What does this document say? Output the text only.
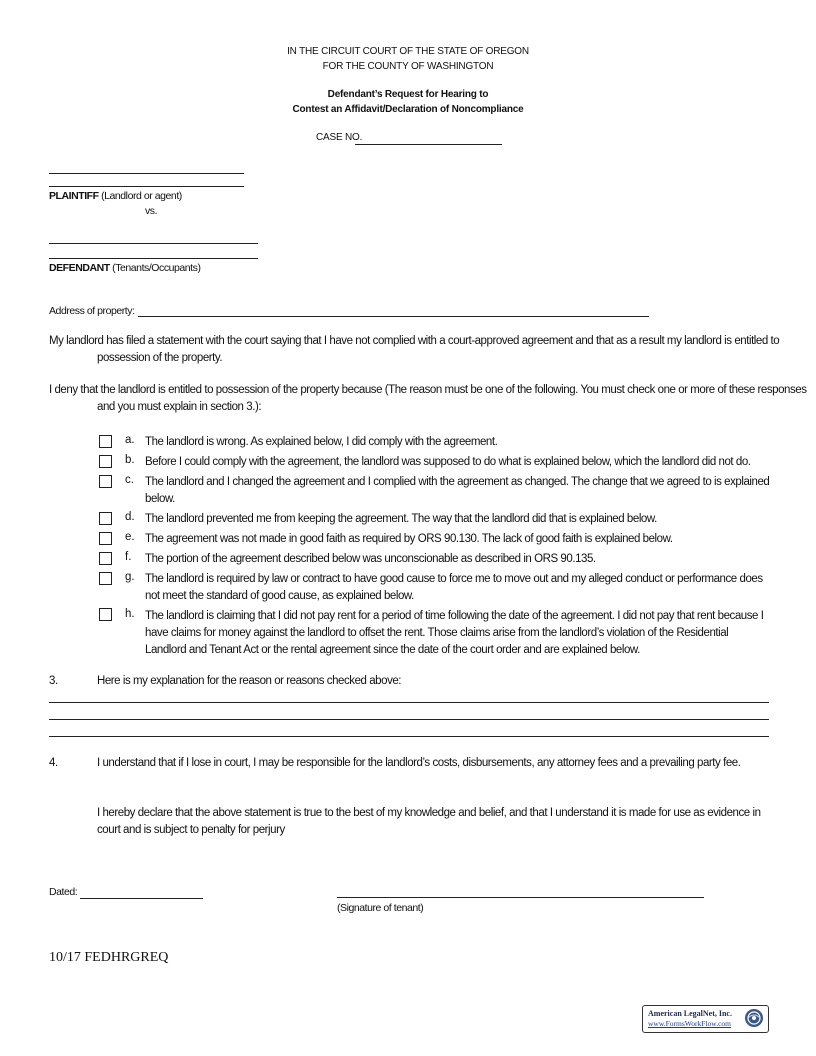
IN THE CIRCUIT COURT OF THE STATE OF OREGON
FOR THE COUNTY OF WASHINGTON
Defendant’s Request for Hearing to
Contest an Affidavit/Declaration of Noncompliance
CASE NO.
PLAINTIFF (Landlord or agent)
vs.
DEFENDANT (Tenants/Occupants)
Address of property:
My landlord has filed a statement with the court saying that I have not complied with a court-approved agreement and that as a result my landlord is entitled to possession of the property.
I deny that the landlord is entitled to possession of the property because (The reason must be one of the following. You must check one or more of these responses and you must explain in section 3.):
a. The landlord is wrong. As explained below, I did comply with the agreement.
b. Before I could comply with the agreement, the landlord was supposed to do what is explained below, which the landlord did not do.
c. The landlord and I changed the agreement and I complied with the agreement as changed. The change that we agreed to is explained below.
d. The landlord prevented me from keeping the agreement. The way that the landlord did that is explained below.
e. The agreement was not made in good faith as required by ORS 90.130. The lack of good faith is explained below.
f. The portion of the agreement described below was unconscionable as described in ORS 90.135.
g. The landlord is required by law or contract to have good cause to force me to move out and my alleged conduct or performance does not meet the standard of good cause, as explained below.
h. The landlord is claiming that I did not pay rent for a period of time following the date of the agreement. I did not pay that rent because I have claims for money against the landlord to offset the rent. Those claims arise from the landlord’s violation of the Residential Landlord and Tenant Act or the rental agreement since the date of the court order and are explained below.
3.	Here is my explanation for the reason or reasons checked above:
4.	I understand that if I lose in court, I may be responsible for the landlord’s costs, disbursements, any attorney fees and a prevailing party fee.
I hereby declare that the above statement is true to the best of my knowledge and belief, and that I understand it is made for use as evidence in court and is subject to penalty for perjury
Dated:
(Signature of tenant)
10/17 FEDHRGREQ
American LegalNet, Inc.
www.FormsWorkFlow.com
